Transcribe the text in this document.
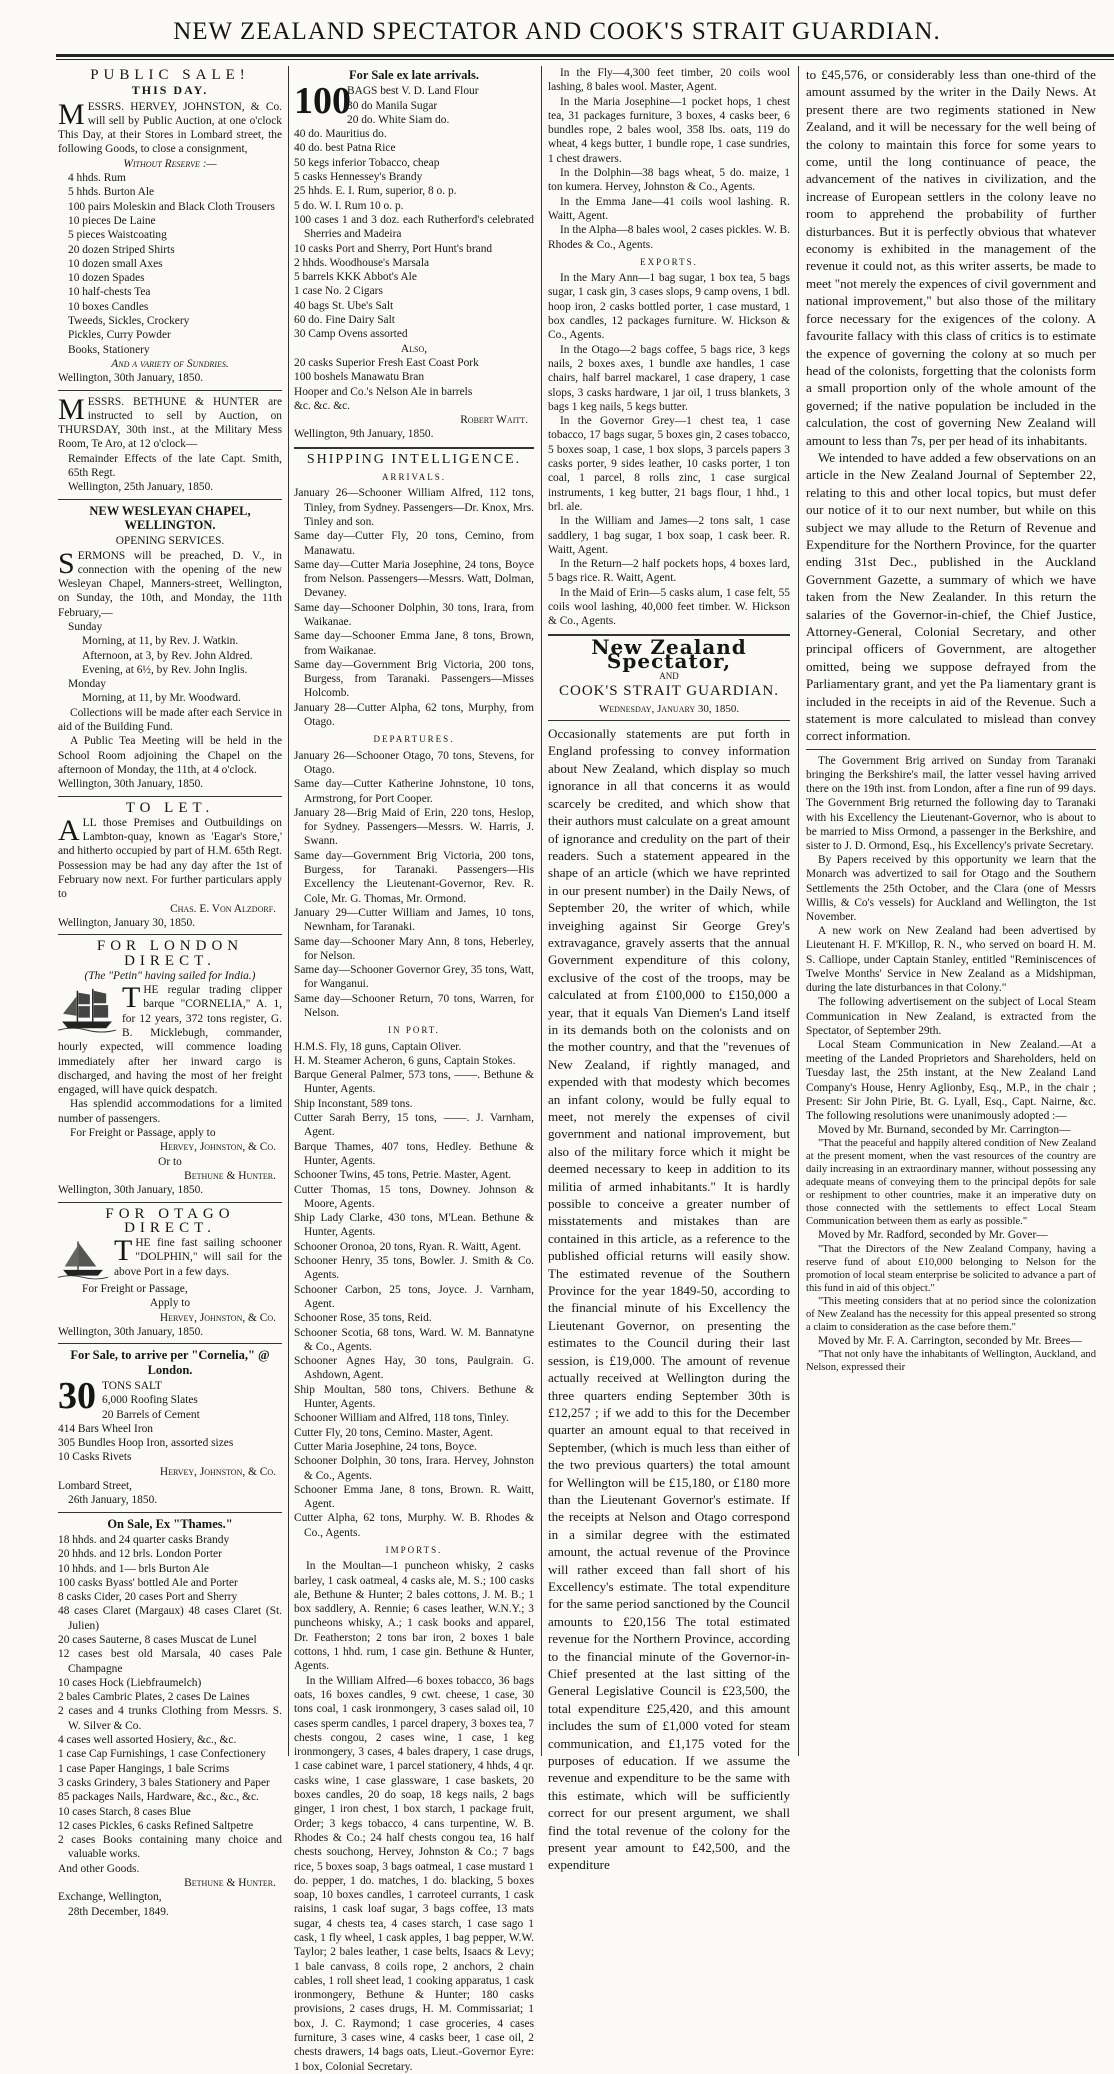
NEW ZEALAND SPECTATOR AND COOK'S STRAIT GUARDIAN.
PUBLIC SALE!
THIS DAY.
MESSRS. HERVEY, JOHNSTON, & Co. will sell by Public Auction, at one o'clock This Day, at their Stores in Lombard street, the following Goods, to close a consignment,
Without Reserve :—
4 hhds. Rum
5 hhds. Burton Ale
100 pairs Moleskin and Black Cloth Trousers
10 pieces De Laine
5 pieces Waistcoating
20 dozen Striped Shirts
10 dozen small Axes
10 dozen Spades
10 half-chests Tea
10 boxes Candles
Tweeds, Sickles, Crockery
Pickles, Curry Powder
Books, Stationery
And a variety of Sundries.
Wellington, 30th January, 1850.
MESSRS. BETHUNE & HUNTER are instructed to sell by Auction, on THURSDAY, 30th inst., at the Military Mess Room, Te Aro, at 12 o'clock—
Remainder Effects of the late Capt. Smith, 65th Regt.
Wellington, 25th January, 1850.
NEW WESLEYAN CHAPEL, WELLINGTON.
OPENING SERVICES.
SERMONS will be preached, D. V., in connection with the opening of the new Wesleyan Chapel, Manners-street, Wellington, on Sunday, the 10th, and Monday, the 11th February,—
Sunday
Morning, at 11, by Rev. J. Watkin.
Afternoon, at 3, by Rev. John Aldred.
Evening, at 6½, by Rev. John Inglis.
Monday
Morning, at 11, by Mr. Woodward.

Collections will be made after each Service in aid of the Building Fund.

A Public Tea Meeting will be held in the School Room adjoining the Chapel on the afternoon of Monday, the 11th, at 4 o'clock.

Wellington, 30th January, 1850.
TO LET.
ALL those Premises and Outbuildings on Lambton-quay, known as 'Eagar's Store,' and hitherto occupied by part of H.M. 65th Regt. Possession may be had any day after the 1st of February now next. For further particulars apply to
Chas. E. Von Alzdorf.
Wellington, January 30, 1850.
FOR LONDON DIRECT.
(The "Petin" having sailed for India.)
THE regular trading clipper barque "CORNELIA," A. 1, for 12 years, 372 tons register, G. B. Micklebugh, commander, hourly expected, will commence loading immediately after her inward cargo is discharged, and having the most of her freight engaged, will have quick despatch.

Has splendid accommodations for a limited number of passengers.

For Freight or Passage, apply to

Hervey, Johnston, & Co.
Or to
Bethune & Hunter.
Wellington, 30th January, 1850.
FOR OTAGO DIRECT.
THE fine fast sailing schooner "DOLPHIN," will sail for the above Port in a few days.
For Freight or Passage,
Apply to
Hervey, Johnston, & Co.
Wellington, 30th January, 1850.
For Sale, to arrive per "Cornelia," @ London.
30 TONS SALT
6,000 Roofing Slates
20 Barrels of Cement
414 Bars Wheel Iron
305 Bundles Hoop Iron, assorted sizes
10 Casks Rivets
Hervey, Johnston, & Co.
Lombard Street,
26th January, 1850.
On Sale, Ex "Thames."
18 hhds. and 24 quarter casks Brandy
20 hhds. and 12 brls. London Porter
10 hhds. and 1— brls Burton Ale
100 casks Byass' bottled Ale and Porter
8 casks Cider, 20 cases Port and Sherry
48 cases Claret (Margaux) 48 cases Claret (St. Julien)
20 cases Sauterne, 8 cases Muscat de Lunel
12 cases best old Marsala, 40 cases Pale Champagne
10 cases Hock (Liebfraumelch)
2 bales Cambric Plates, 2 cases De Laines
2 cases and 4 trunks Clothing from Messrs. S. W. Silver & Co.
4 cases well assorted Hosiery, &c., &c.
1 case Cap Furnishings, 1 case Confectionery
1 case Paper Hangings, 1 bale Scrims
3 casks Grindery, 3 bales Stationery and Paper
85 packages Nails, Hardware, &c., &c., &c.
10 cases Starch, 8 cases Blue
12 cases Pickles, 6 casks Refined Saltpetre
2 cases Books containing many choice and valuable works.
And other Goods.
Bethune & Hunter.
Exchange, Wellington,
28th December, 1849.
For Sale ex late arrivals.
100
BAGS best V. D. Land Flour
30 do Manila Sugar
20 do. White Siam do.
40 do. Mauritius do.
40 do. best Patna Rice
50 kegs inferior Tobacco, cheap
5 casks Hennessey's Brandy
25 hhds. E. I. Rum, superior, 8 o. p.
5 do. W. I. Rum 10 o. p.
100 cases 1 and 3 doz. each Rutherford's celebrated Sherries and Madeira
10 casks Port and Sherry, Port Hunt's brand
2 hhds. Woodhouse's Marsala
5 barrels KKK Abbot's Ale
1 case No. 2 Cigars
40 bags St. Ube's Salt
60 do. Fine Dairy Salt
30 Camp Ovens assorted
Also,
20 casks Superior Fresh East Coast Pork
100 boshels Manawatu Bran
Hooper and Co.'s Nelson Ale in barrels
&c. &c. &c.
Robert Waitt.
Wellington, 9th January, 1850.
SHIPPING INTELLIGENCE.
ARRIVALS.
January 26—Schooner William Alfred, 112 tons, Tinley, from Sydney. Passengers—Dr. Knox, Mrs. Tinley and son.
Same day—Cutter Fly, 20 tons, Cemino, from Manawatu.
Same day—Cutter Maria Josephine, 24 tons, Boyce from Nelson. Passengers—Messrs. Watt, Dolman, Devaney.
Same day—Schooner Dolphin, 30 tons, Irara, from Waikanae.
Same day—Schooner Emma Jane, 8 tons, Brown, from Waikanae.
Same day—Government Brig Victoria, 200 tons, Burgess, from Taranaki. Passengers—Misses Holcomb.
January 28—Cutter Alpha, 62 tons, Murphy, from Otago.
DEPARTURES.
January 26—Schooner Otago, 70 tons, Stevens, for Otago.
Same day—Cutter Katherine Johnstone, 10 tons, Armstrong, for Port Cooper.
January 28—Brig Maid of Erin, 220 tons, Heslop, for Sydney. Passengers—Messrs. W. Harris, J. Swann.
Same day—Government Brig Victoria, 200 tons, Burgess, for Taranaki. Passengers—His Excellency the Lieutenant-Governor, Rev. R. Cole, Mr. G. Thomas, Mr. Ormond.
January 29—Cutter William and James, 10 tons, Newnham, for Taranaki.
Same day—Schooner Mary Ann, 8 tons, Heberley, for Nelson.
Same day—Schooner Governor Grey, 35 tons, Watt, for Wanganui.
Same day—Schooner Return, 70 tons, Warren, for Nelson.
IN PORT.
H.M.S. Fly, 18 guns, Captain Oliver.
H. M. Steamer Acheron, 6 guns, Captain Stokes.
Barque General Palmer, 573 tons, ——. Bethune & Hunter, Agents.
Ship Inconstant, 589 tons.
Cutter Sarah Berry, 15 tons, ——. J. Varnham, Agent.
Barque Thames, 407 tons, Hedley. Bethune & Hunter, Agents.
Schooner Twins, 45 tons, Petrie. Master, Agent.
Cutter Thomas, 15 tons, Downey. Johnson & Moore, Agents.
Ship Lady Clarke, 430 tons, M'Lean. Bethune & Hunter, Agents.
Schooner Oronoa, 20 tons, Ryan. R. Waitt, Agent.
Schooner Henry, 35 tons, Bowler. J. Smith & Co. Agents.
Schooner Carbon, 25 tons, Joyce. J. Varnham, Agent.
Schooner Rose, 35 tons, Reid.
Schooner Scotia, 68 tons, Ward. W. M. Bannatyne & Co., Agents.
Schooner Agnes Hay, 30 tons, Paulgrain. G. Ashdown, Agent.
Ship Moultan, 580 tons, Chivers. Bethune & Hunter, Agents.
Schooner William and Alfred, 118 tons, Tinley.
Cutter Fly, 20 tons, Cemino. Master, Agent.
Cutter Maria Josephine, 24 tons, Boyce.
Schooner Dolphin, 30 tons, Irara. Hervey, Johnston & Co., Agents.
Schooner Emma Jane, 8 tons, Brown. R. Waitt, Agent.
Cutter Alpha, 62 tons, Murphy. W. B. Rhodes & Co., Agents.
IMPORTS.

In the Moultan—1 puncheon whisky, 2 casks barley, 1 cask oatmeal, 4 casks ale, M. S.; 100 casks ale, Bethune & Hunter; 2 bales cottons, J. M. B.; 1 box saddlery, A. Rennie; 6 cases leather, W.N.Y.; 3 puncheons whisky, A.; 1 cask books and apparel, Dr. Featherston; 2 tons bar iron, 2 boxes 1 bale cottons, 1 hhd. rum, 1 case gin. Bethune & Hunter, Agents.

In the William Alfred—6 boxes tobacco, 36 bags oats, 16 boxes candles, 9 cwt. cheese, 1 case, 30 tons coal, 1 cask ironmongery, 3 cases salad oil, 10 cases sperm candles, 1 parcel drapery, 3 boxes tea, 7 chests congou, 2 cases wine, 1 case, 1 keg ironmongery, 3 cases, 4 bales drapery, 1 case drugs, 1 case cabinet ware, 1 parcel stationery, 4 hhds, 4 qr. casks wine, 1 case glassware, 1 case baskets, 20 boxes candles, 20 do soap, 18 kegs nails, 2 bags ginger, 1 iron chest, 1 box starch, 1 package fruit, Order; 3 kegs tobacco, 4 cans turpentine, W. B. Rhodes & Co.; 24 half chests congou tea, 16 half chests souchong, Hervey, Johnston & Co.; 7 bags rice, 5 boxes soap, 3 bags oatmeal, 1 case mustard 1 do. pepper, 1 do. matches, 1 do. blacking, 5 boxes soap, 10 boxes candles, 1 carroteel currants, 1 cask raisins, 1 cask loaf sugar, 3 bags coffee, 13 mats sugar, 4 chests tea, 4 cases starch, 1 case sago 1 cask, 1 fly wheel, 1 cask apples, 1 bag pepper, W.W. Taylor; 2 bales leather, 1 case belts, Isaacs & Levy; 1 bale canvass, 8 coils rope, 2 anchors, 2 chain cables, 1 roll sheet lead, 1 cooking apparatus, 1 cask ironmongery, Bethune & Hunter; 180 casks provisions, 2 cases drugs, H. M. Commissariat; 1 box, J. C. Raymond; 1 case groceries, 4 cases furniture, 3 cases wine, 4 casks beer, 1 case oil, 2 chests drawers, 14 bags oats, Lieut.-Governor Eyre: 1 box, Colonial Secretary.

In the Fly—4,300 feet timber, 20 coils wool lashing, 8 bales wool. Master, Agent.

In the Maria Josephine—1 pocket hops, 1 chest tea, 31 packages furniture, 3 boxes, 4 casks beer, 6 bundles rope, 2 bales wool, 358 lbs. oats, 119 do wheat, 4 kegs butter, 1 bundle rope, 1 case sundries, 1 chest drawers.

In the Dolphin—38 bags wheat, 5 do. maize, 1 ton kumera. Hervey, Johnston & Co., Agents.

In the Emma Jane—41 coils wool lashing. R. Waitt, Agent.

In the Alpha—8 bales wool, 2 cases pickles. W. B. Rhodes & Co., Agents.

EXPORTS.
In the Mary Ann—1 bag sugar, 1 box tea, 5 bags sugar, 1 cask gin, 3 cases slops, 9 camp ovens, 1 bdl. hoop iron, 2 casks bottled porter, 1 case mustard, 1 box candles, 12 packages furniture. W. Hickson & Co., Agents.
In the Otago—2 bags coffee, 5 bags rice, 3 kegs nails, 2 boxes axes, 1 bundle axe handles, 1 case chairs, half barrel mackarel, 1 case drapery, 1 case slops, 3 casks hardware, 1 jar oil, 1 truss blankets, 3 bags 1 keg nails, 5 kegs butter.
In the Governor Grey—1 chest tea, 1 case tobacco, 17 bags sugar, 5 boxes gin, 2 cases tobacco, 5 boxes soap, 1 case, 1 box slops, 3 parcels papers 3 casks porter, 9 sides leather, 10 casks porter, 1 ton coal, 1 parcel, 8 rolls zinc, 1 case surgical instruments, 1 keg butter, 21 bags flour, 1 hhd., 1 brl. ale.
In the William and James—2 tons salt, 1 case saddlery, 1 bag sugar, 1 box soap, 1 cask beer. R. Waitt, Agent.
In the Return—2 half pockets hops, 4 boxes lard, 5 bags rice. R. Waitt, Agent.
In the Maid of Erin—5 casks alum, 1 case felt, 55 coils wool lashing, 40,000 feet timber. W. Hickson & Co., Agents.
New Zealand Spectator,
AND
COOK'S STRAIT GUARDIAN.
Wednesday, January 30, 1850.

Occasionally statements are put forth in England professing to convey information about New Zealand, which display so much ignorance in all that concerns it as would scarcely be credited, and which show that their authors must calculate on a great amount of ignorance and credulity on the part of their readers. Such a statement appeared in the shape of an article (which we have reprinted in our present number) in the Daily News, of September 20, the writer of which, while inveighing against Sir George Grey's extravagance, gravely asserts that the annual Government expenditure of this colony, exclusive of the cost of the troops, may be calculated at from £100,000 to £150,000 a year, that it equals Van Diemen's Land itself in its demands both on the colonists and on the mother country, and that the "revenues of New Zealand, if rightly managed, and expended with that modesty which becomes an infant colony, would be fully equal to meet, not merely the expenses of civil government and national improvement, but also of the military force which it might be deemed necessary to keep in addition to its militia of armed inhabitants." It is hardly possible to conceive a greater number of misstatements and mistakes than are contained in this article, as a reference to the published official returns will easily show. The estimated revenue of the Southern Province for the year 1849-50, according to the financial minute of his Excellency the Lieutenant Governor, on presenting the estimates to the Council during their last session, is £19,000. The amount of revenue actually received at Wellington during the three quarters ending September 30th is £12,257 ; if we add to this for the December quarter an amount equal to that received in September, (which is much less than either of the two previous quarters) the total amount for Wellington will be £15,180, or £180 more than the Lieutenant Governor's estimate. If the receipts at Nelson and Otago correspond in a similar degree with the estimated amount, the actual revenue of the Province will rather exceed than fall short of his Excellency's estimate. The total expenditure for the same period sanctioned by the Council amounts to £20,156 The total estimated revenue for the Northern Province, according to the financial minute of the Governor-in-Chief presented at the last sitting of the General Legislative Council is £23,500, the total expenditure £25,420, and this amount includes the sum of £1,000 voted for steam communication, and £1,175 voted for the purposes of education. If we assume the revenue and expenditure to be the same with this estimate, which will be sufficiently correct for our present argument, we shall find the total revenue of the colony for the present year amount to £42,500, and the expenditure

to £45,576, or considerably less than one-third of the amount assumed by the writer in the Daily News. At present there are two regiments stationed in New Zealand, and it will be necessary for the well being of the colony to maintain this force for some years to come, until the long continuance of peace, the advancement of the natives in civilization, and the increase of European settlers in the colony leave no room to apprehend the probability of further disturbances. But it is perfectly obvious that whatever economy is exhibited in the management of the revenue it could not, as this writer asserts, be made to meet "not merely the expences of civil government and national improvement," but also those of the military force necessary for the exigences of the colony. A favourite fallacy with this class of critics is to estimate the expence of governing the colony at so much per head of the colonists, forgetting that the colonists form a small proportion only of the whole amount of the governed; if the native population be included in the calculation, the cost of governing New Zealand will amount to less than 7s, per per head of its inhabitants.

We intended to have added a few observations on an article in the New Zealand Journal of September 22, relating to this and other local topics, but must defer our notice of it to our next number, but while on this subject we may allude to the Return of Revenue and Expenditure for the Northern Province, for the quarter ending 31st Dec., published in the Auckland Government Gazette, a summary of which we have taken from the New Zealander. In this return the salaries of the Governor-in-chief, the Chief Justice, Attorney-General, Colonial Secretary, and other principal officers of Government, are altogether omitted, being we suppose defrayed from the Parliamentary grant, and yet the Pa liamentary grant is included in the receipts in aid of the Revenue. Such a statement is more calculated to mislead than convey correct information.

The Government Brig arrived on Sunday from Taranaki bringing the Berkshire's mail, the latter vessel having arrived there on the 19th inst. from London, after a fine run of 99 days. The Government Brig returned the following day to Taranaki with his Excellency the Lieutenant-Governor, who is about to be married to Miss Ormond, a passenger in the Berkshire, and sister to J. D. Ormond, Esq., his Excellency's private Secretary.

By Papers received by this opportunity we learn that the Monarch was advertized to sail for Otago and the Southern Settlements the 25th October, and the Clara (one of Messrs Willis, & Co's vessels) for Auckland and Wellington, the 1st November.

A new work on New Zealand had been advertised by Lieutenant H. F. M'Killop, R. N., who served on board H. M. S. Calliope, under Captain Stanley, entitled "Reminiscences of Twelve Months' Service in New Zealand as a Midshipman, during the late disturbances in that Colony."

The following advertisement on the subject of Local Steam Communication in New Zealand, is extracted from the Spectator, of September 29th.

Local Steam Communication in New Zealand.—At a meeting of the Landed Proprietors and Shareholders, held on Tuesday last, the 25th instant, at the New Zealand Land Company's House, Henry Aglionby, Esq., M.P., in the chair ; Present: Sir John Pirie, Bt. G. Lyall, Esq., Capt. Nairne, &c. The following resolutions were unanimously adopted :—

Moved by Mr. Burnand, seconded by Mr. Carrington—

"That the peaceful and happily altered condition of New Zealand at the present moment, when the vast resources of the country are daily increasing in an extraordinary manner, without possessing any adequate means of conveying them to the principal depôts for sale or reshipment to other countries, make it an imperative duty on those connected with the settlements to effect Local Steam Communication between them as early as possible."

Moved by Mr. Radford, seconded by Mr. Gover—

"That the Directors of the New Zealand Company, having a reserve fund of about £10,000 belonging to Nelson for the promotion of local steam enterprise be solicited to advance a part of this fund in aid of this object."

"This meeting considers that at no period since the colonization of New Zealand has the necessity for this appeal presented so strong a claim to consideration as the case before them."

Moved by Mr. F. A. Carrington, seconded by Mr. Brees—

"That not only have the inhabitants of Wellington, Auckland, and Nelson, expressed their
